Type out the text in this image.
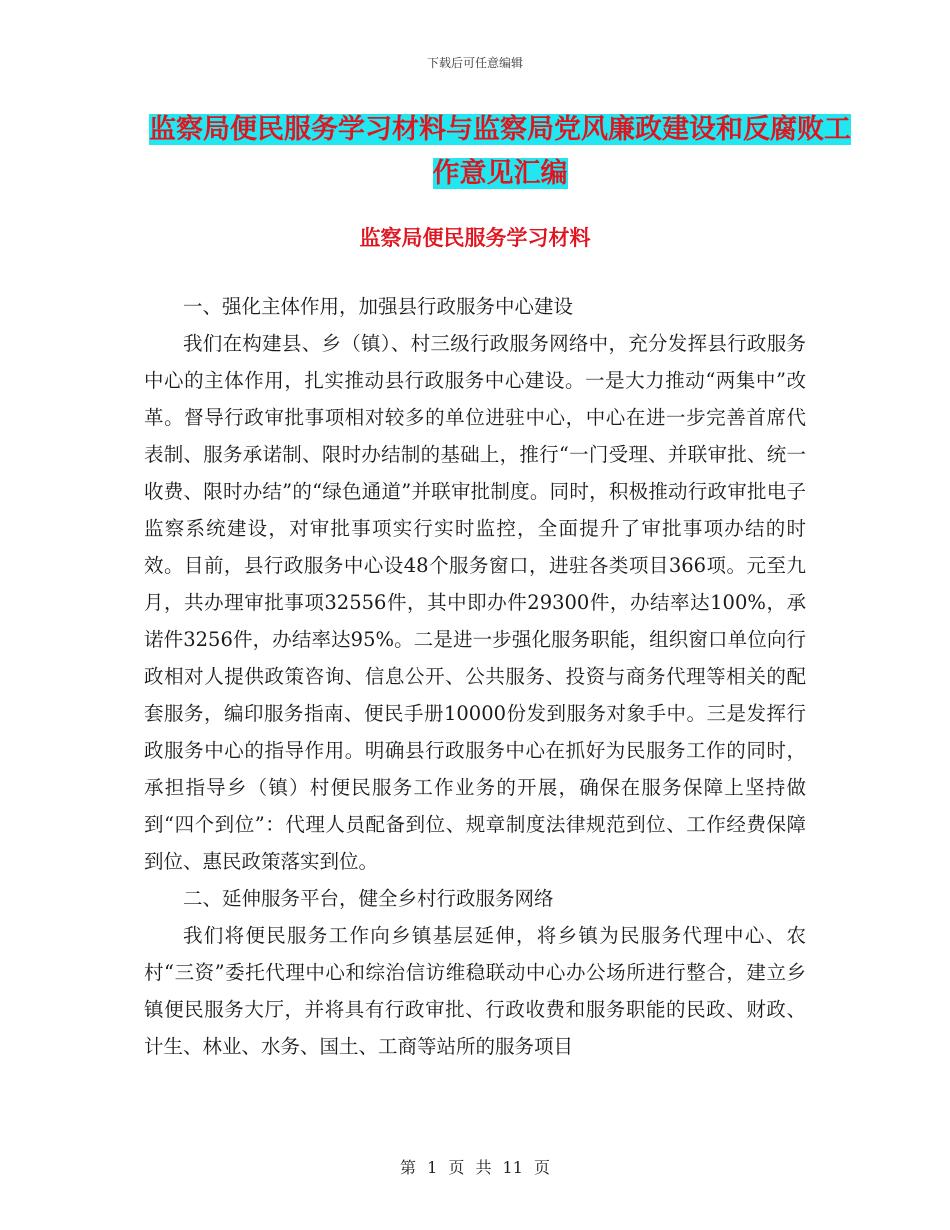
下载后可任意编辑
监察局便民服务学习材料与监察局党风廉政建设和反腐败工作意见汇编
监察局便民服务学习材料

一、强化主体作用，加强县行政服务中心建设

我们在构建县、乡（镇）、村三级行政服务网络中，充分发挥县行政服务中心的主体作用，扎实推动县行政服务中心建设。一是大力推动“两集中”改革。督导行政审批事项相对较多的单位进驻中心，中心在进一步完善首席代表制、服务承诺制、限时办结制的基础上，推行“一门受理、并联审批、统一收费、限时办结”的“绿色通道”并联审批制度。同时，积极推动行政审批电子监察系统建设，对审批事项实行实时监控，全面提升了审批事项办结的时效。目前，县行政服务中心设48个服务窗口，进驻各类项目366项。元至九月，共办理审批事项32556件，其中即办件29300件，办结率达100%，承诺件3256件，办结率达95%。二是进一步强化服务职能，组织窗口单位向行政相对人提供政策咨询、信息公开、公共服务、投资与商务代理等相关的配套服务，编印服务指南、便民手册10000份发到服务对象手中。三是发挥行政服务中心的指导作用。明确县行政服务中心在抓好为民服务工作的同时，承担指导乡（镇）村便民服务工作业务的开展，确保在服务保障上坚持做到“四个到位”：代理人员配备到位、规章制度法律规范到位、工作经费保障到位、惠民政策落实到位。

二、延伸服务平台，健全乡村行政服务网络

我们将便民服务工作向乡镇基层延伸，将乡镇为民服务代理中心、农村“三资”委托代理中心和综治信访维稳联动中心办公场所进行整合，建立乡镇便民服务大厅，并将具有行政审批、行政收费和服务职能的民政、财政、计生、林业、水务、国土、工商等站所的服务项目

第 1 页 共 11 页
